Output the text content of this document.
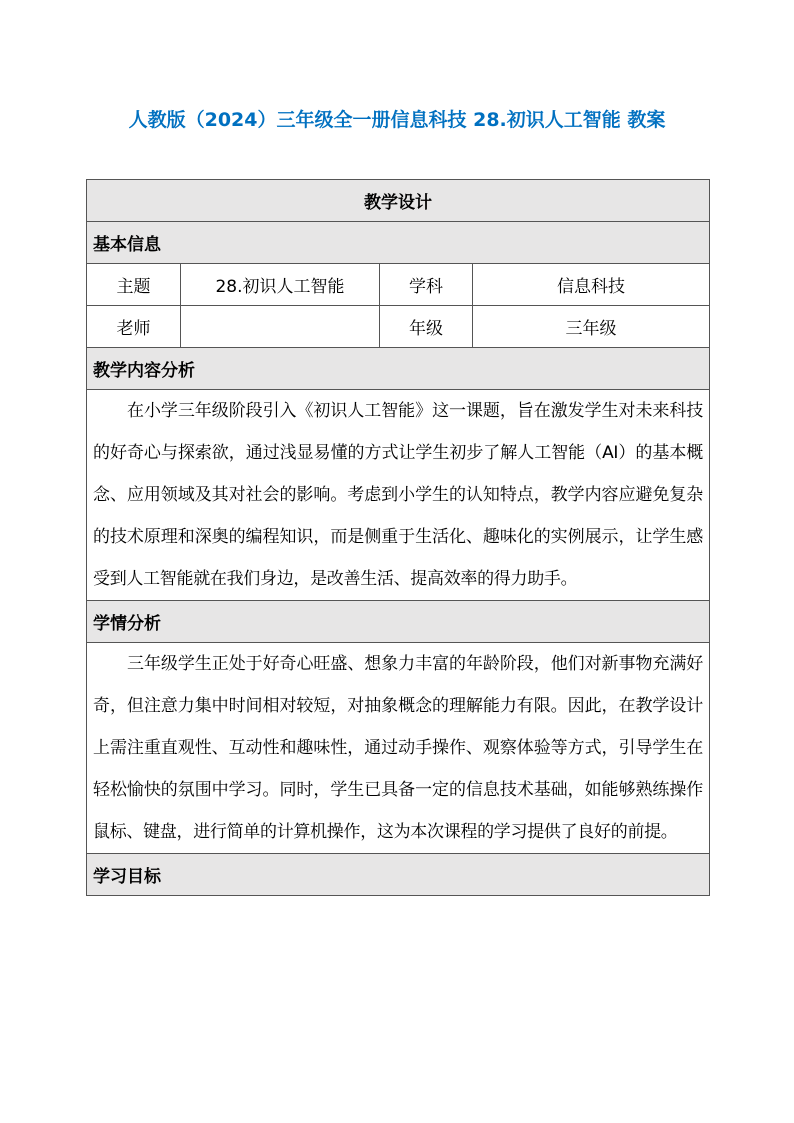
人教版（2024）三年级全一册信息科技 28.初识人工智能 教案
教学设计			
基本信息			
主题	28.初识人工智能	学科	信息科技
老师		年级	三年级
教学内容分析			
在小学三年级阶段引入《初识人工智能》这一课题，旨在激发学生对未来科技的好奇心与探索欲，通过浅显易懂的方式让学生初步了解人工智能（AI）的基本概念、应用领域及其对社会的影响。考虑到小学生的认知特点，教学内容应避免复杂的技术原理和深奥的编程知识，而是侧重于生活化、趣味化的实例展示，让学生感受到人工智能就在我们身边，是改善生活、提高效率的得力助手。			
学情分析			
三年级学生正处于好奇心旺盛、想象力丰富的年龄阶段，他们对新事物充满好奇，但注意力集中时间相对较短，对抽象概念的理解能力有限。因此，在教学设计上需注重直观性、互动性和趣味性，通过动手操作、观察体验等方式，引导学生在轻松愉快的氛围中学习。同时，学生已具备一定的信息技术基础，如能够熟练操作鼠标、键盘，进行简单的计算机操作，这为本次课程的学习提供了良好的前提。			
学习目标			
